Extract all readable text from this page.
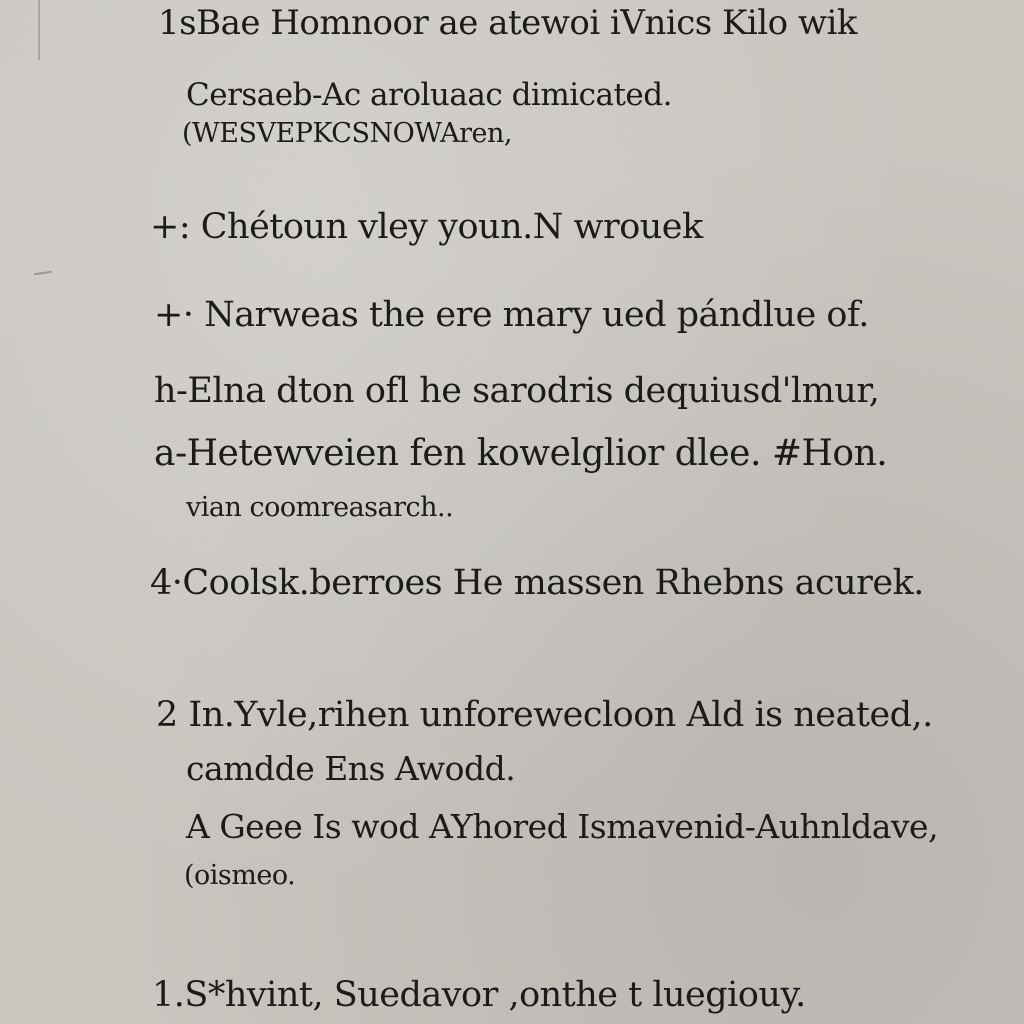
1sBae Homnoor ae atewoi iVnics Kilo wik
Cersaeb-Ac aroluaac dimicated.
(WESVEPKCSNOWAren,
+: Chétoun vley youn.N wrouek
+· Narweas the ere mary ued pándlue of.
h-Elna dton ofl he sarodris dequiusd'lmur,
a-Hetewveien fen kowelglior dlee. #Hon.
vian coomreasarch..
4·Coolsk.berroes He massen Rhebns acurek.
2 In.Yvle,rihen unforewecloon Ald is neated,.
camdde Ens Awodd.
A Geee Is wod AYhored Ismavenid-Auhnldave,
(oismeo.
1.S*hvint, Suedavor ,onthe t luegiouy.
